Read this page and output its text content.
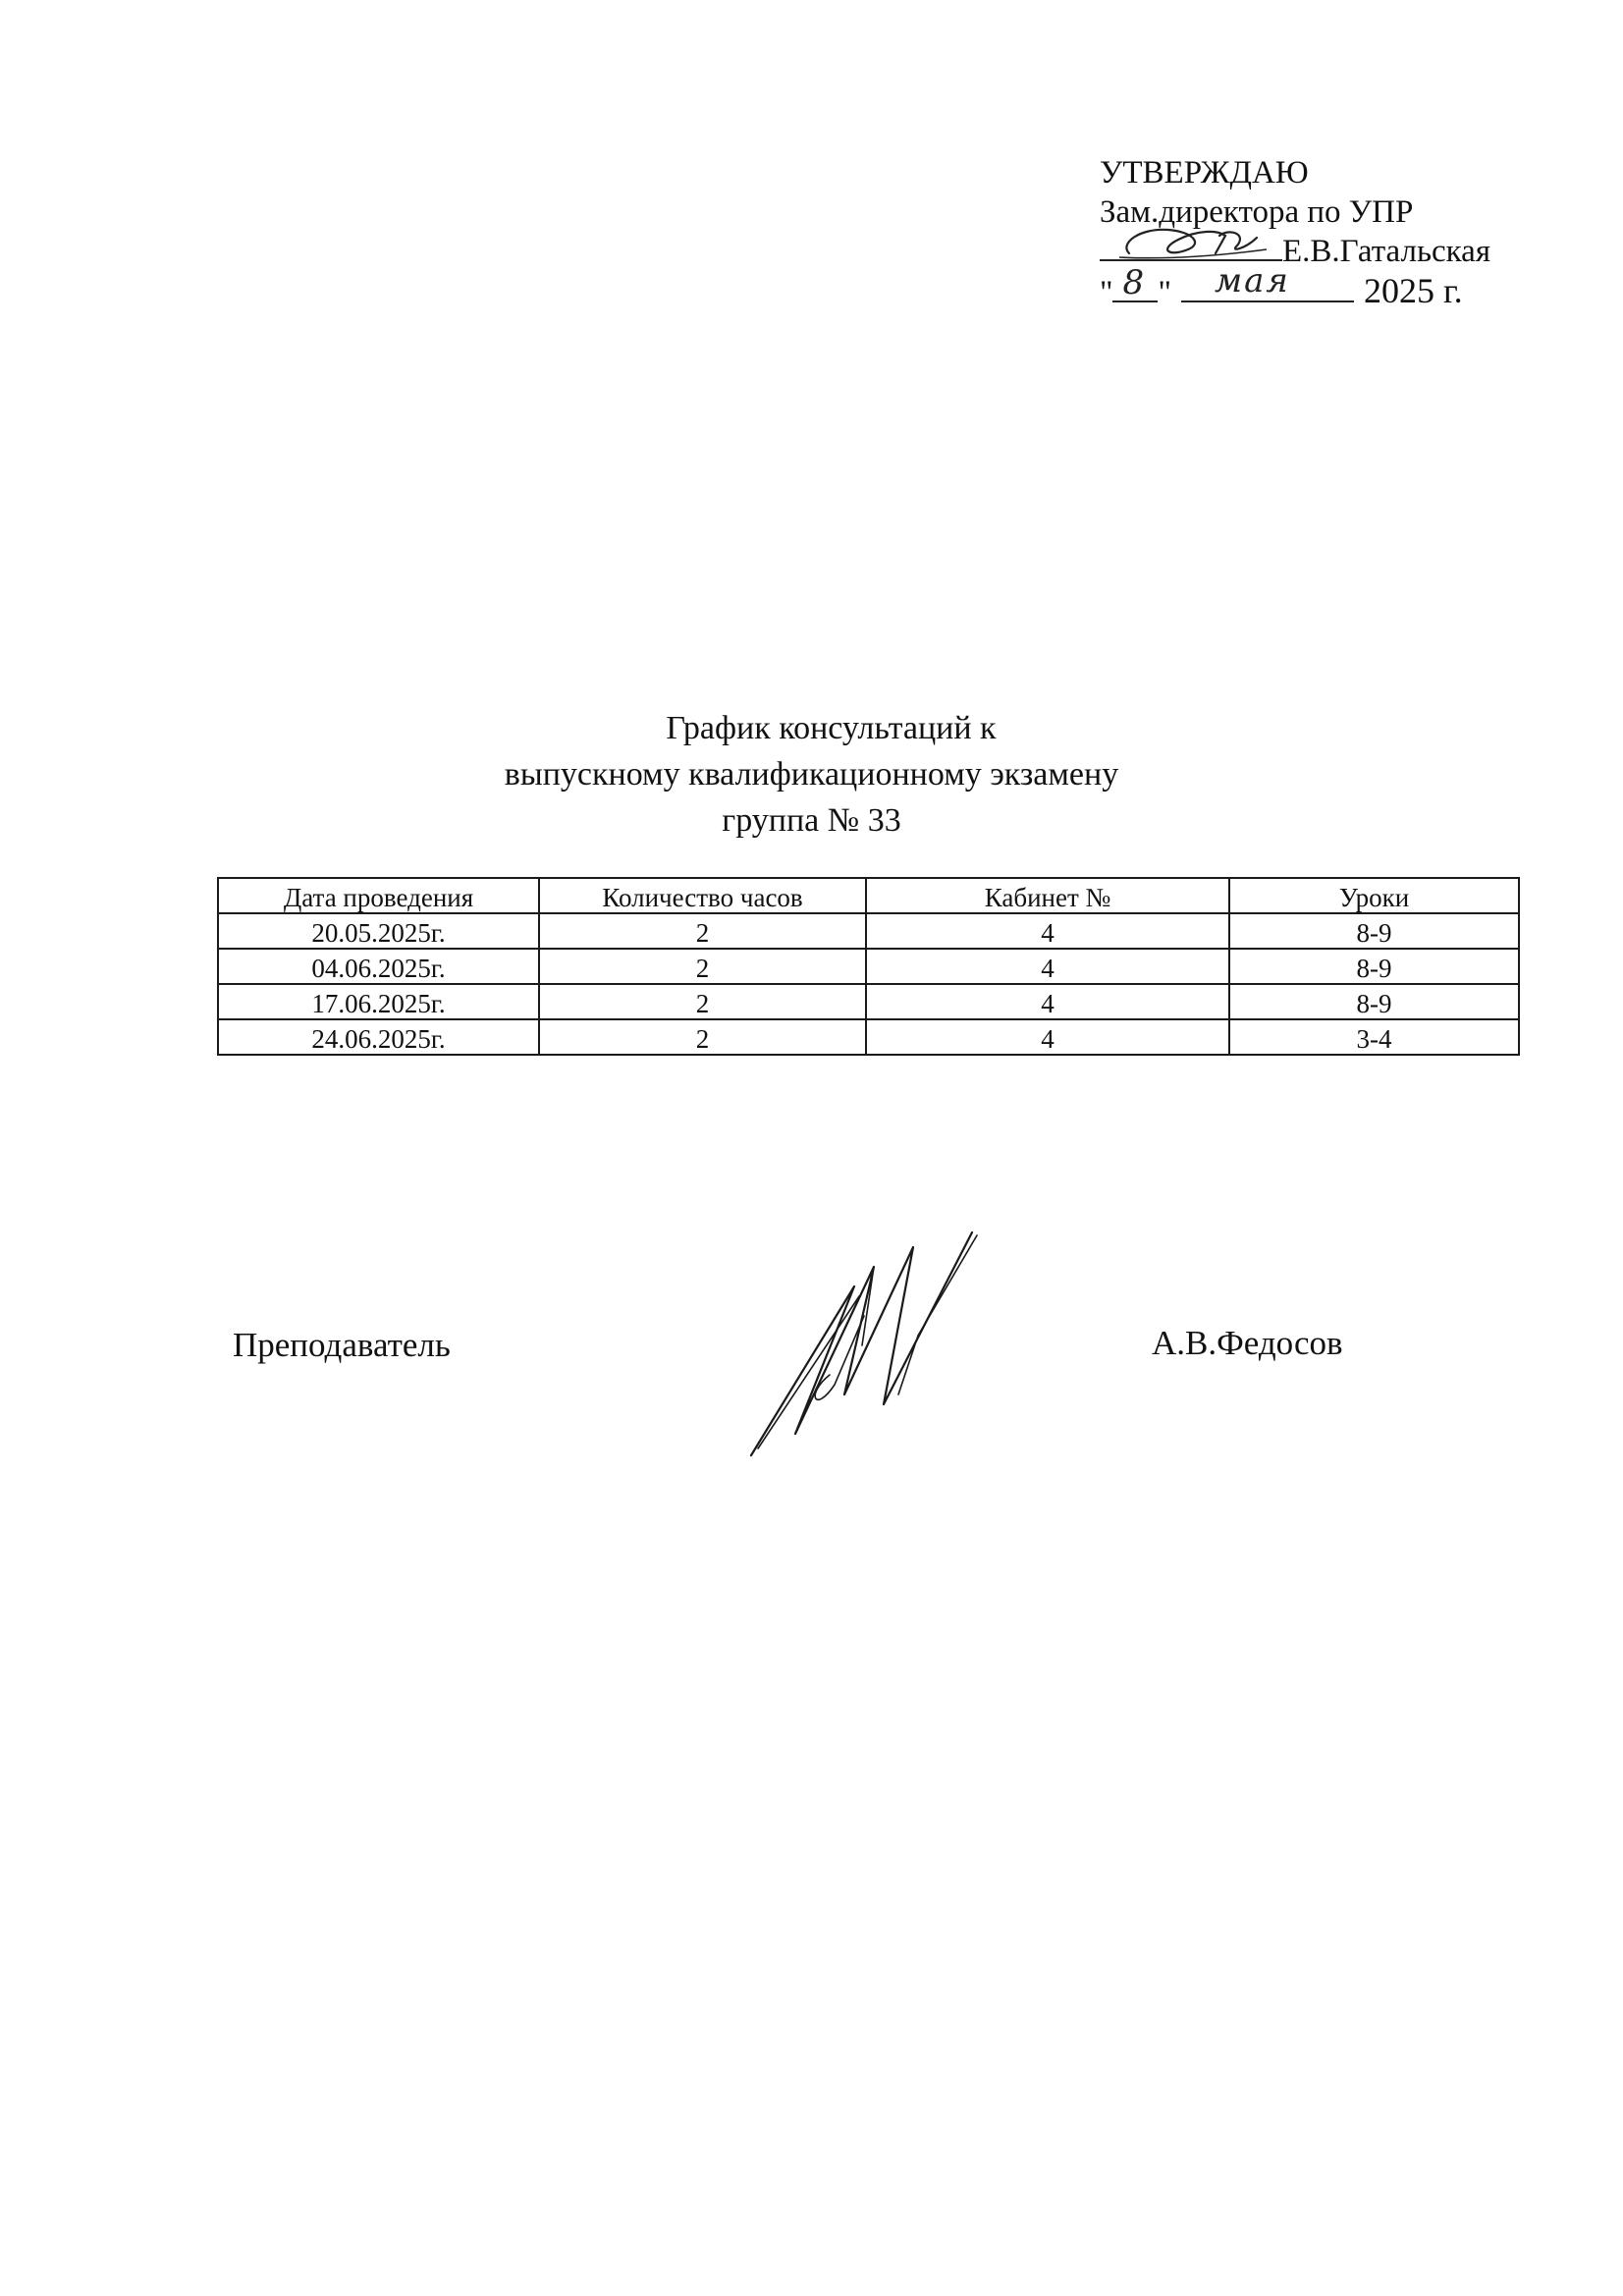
УТВЕРЖДАЮ
Зам.директора по УПР
Е.В.Гатальская
" 8 " мая 2025 г.
График консультаций к
выпускному квалификационному экзамену
группа № 33
Дата проведения	Количество часов	Кабинет №	Уроки
20.05.2025г.	2	4	8-9
04.06.2025г.	2	4	8-9
17.06.2025г.	2	4	8-9
24.06.2025г.	2	4	3-4
Преподаватель	А.В.Федосов
